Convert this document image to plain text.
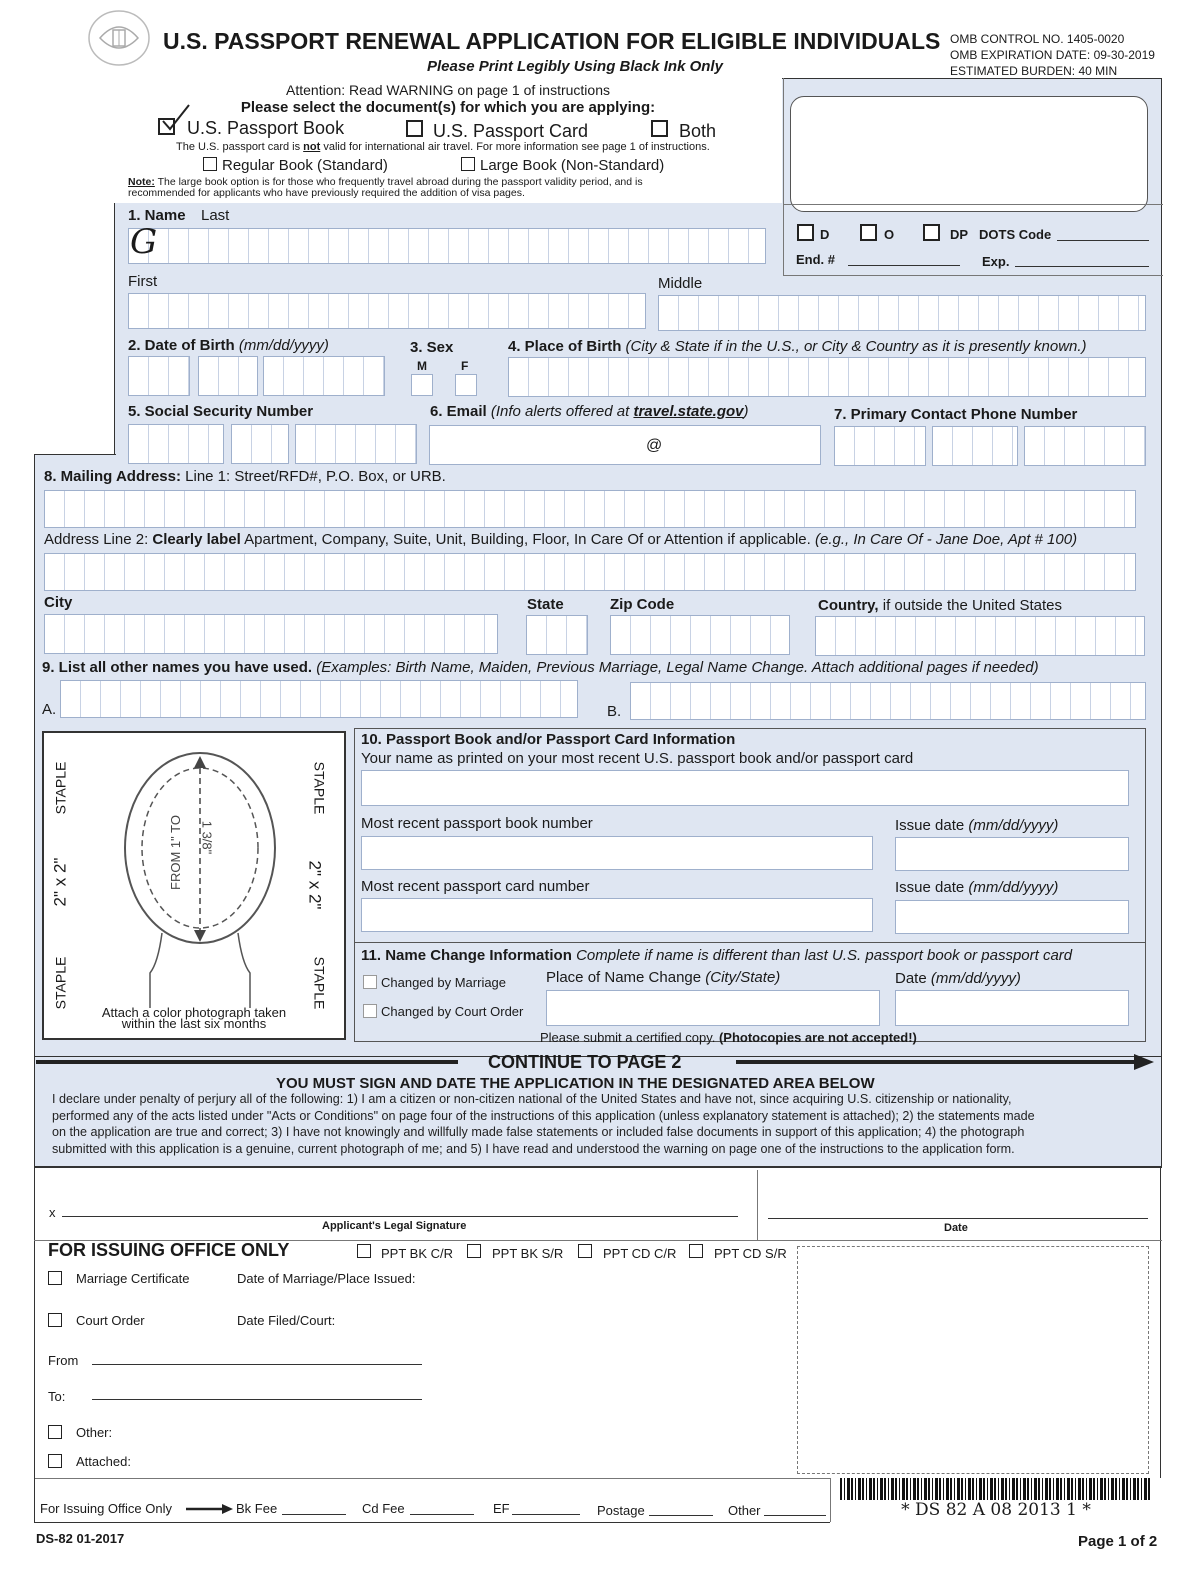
U.S. PASSPORT RENEWAL APPLICATION FOR ELIGIBLE INDIVIDUALS
Please Print Legibly Using Black Ink Only
OMB CONTROL NO. 1405-0020
OMB EXPIRATION DATE: 09-30-2019
ESTIMATED BURDEN: 40 MIN
Attention: Read WARNING on page 1 of instructions
Please select the document(s) for which you are applying:
U.S. Passport Book	U.S. Passport Card	Both
The U.S. passport card is not valid for international air travel. For more information see page 1 of instructions.
Regular Book (Standard)	Large Book (Non-Standard)
Note: The large book option is for those who frequently travel abroad during the passport validity period, and is
recommended for applicants who have previously required the addition of visa pages.
D	O	DP DOTS Code
End. #	Exp.
1. Name Last
G
First	Middle
2. Date of Birth (mm/dd/yyyy)	3. Sex
M	F
4. Place of Birth (City & State if in the U.S., or City & Country as it is presently known.)
5. Social Security Number	6. Email (Info alerts offered at travel.state.gov)
@
7. Primary Contact Phone Number
8. Mailing Address: Line 1: Street/RFD#, P.O. Box, or URB.
Address Line 2: Clearly label Apartment, Company, Suite, Unit, Building, Floor, In Care Of or Attention if applicable. (e.g., In Care Of - Jane Doe, Apt # 100)
City	State	Zip Code	Country, if outside the United States
9. List all other names you have used. (Examples: Birth Name, Maiden, Previous Marriage, Legal Name Change. Attach additional pages if needed)
A.	B.
STAPLE	STAPLE
STAPLE	STAPLE
2" x 2"	2" x 2"
FROM 1" TO 1 3/8"
Attach a color photograph taken
within the last six months
10. Passport Book and/or Passport Card Information
Your name as printed on your most recent U.S. passport book and/or passport card
Most recent passport book number	Issue date (mm/dd/yyyy)
Most recent passport card number	Issue date (mm/dd/yyyy)
11. Name Change Information Complete if name is different than last U.S. passport book or passport card
Changed by Marriage
Changed by Court Order
Place of Name Change (City/State)	Date (mm/dd/yyyy)
Please submit a certified copy. (Photocopies are not accepted!)
CONTINUE TO PAGE 2
YOU MUST SIGN AND DATE THE APPLICATION IN THE DESIGNATED AREA BELOW
I declare under penalty of perjury all of the following: 1) I am a citizen or non-citizen national of the United States and have not, since acquiring U.S. citizenship or nationality,
performed any of the acts listed under "Acts or Conditions" on page four of the instructions of this application (unless explanatory statement is attached); 2) the statements made
on the application are true and correct; 3) I have not knowingly and willfully made false statements or included false documents in support of this application; 4) the photograph
submitted with this application is a genuine, current photograph of me; and 5) I have read and understood the warning on page one of the instructions to the application form.
x
Applicant's Legal Signature	Date
FOR ISSUING OFFICE ONLY	PPT BK C/R	PPT BK S/R	PPT CD C/R	PPT CD S/R
Marriage Certificate	Date of Marriage/Place Issued:
Court Order	Date Filed/Court:
From
To:
Other:
Attached:
For Issuing Office Only	Bk Fee	Cd Fee	EF	Postage	Other	* DS 82 A 08 2013 1 *
DS-82 01-2017	Page 1 of 2
